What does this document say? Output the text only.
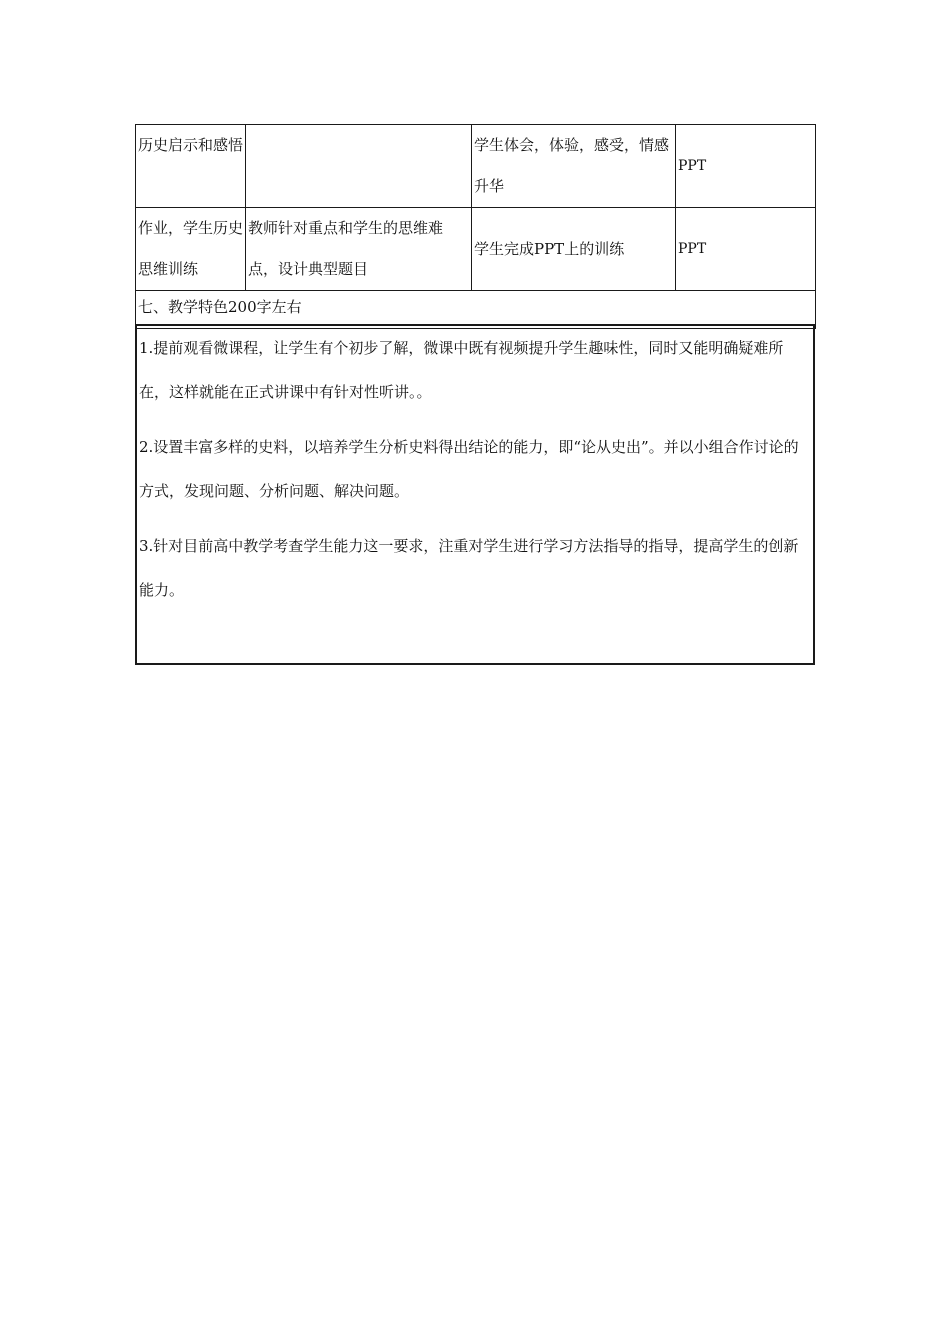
历史启示和感悟		学生体会，体验，感受，情感升华	PPT
作业，学生历史思维训练	教师针对重点和学生的思维难点，设计典型题目	学生完成PPT上的训练	PPT
七、教学特色200字左右			

1.提前观看微课程，让学生有个初步了解，微课中既有视频提升学生趣味性，同时又能明确疑难所在，这样就能在正式讲课中有针对性听讲。。

2.设置丰富多样的史料，以培养学生分析史料得出结论的能力，即“论从史出”。并以小组合作讨论的方式，发现问题、分析问题、解决问题。

3.针对目前高中教学考查学生能力这一要求，注重对学生进行学习方法指导的指导，提高学生的创新能力。
